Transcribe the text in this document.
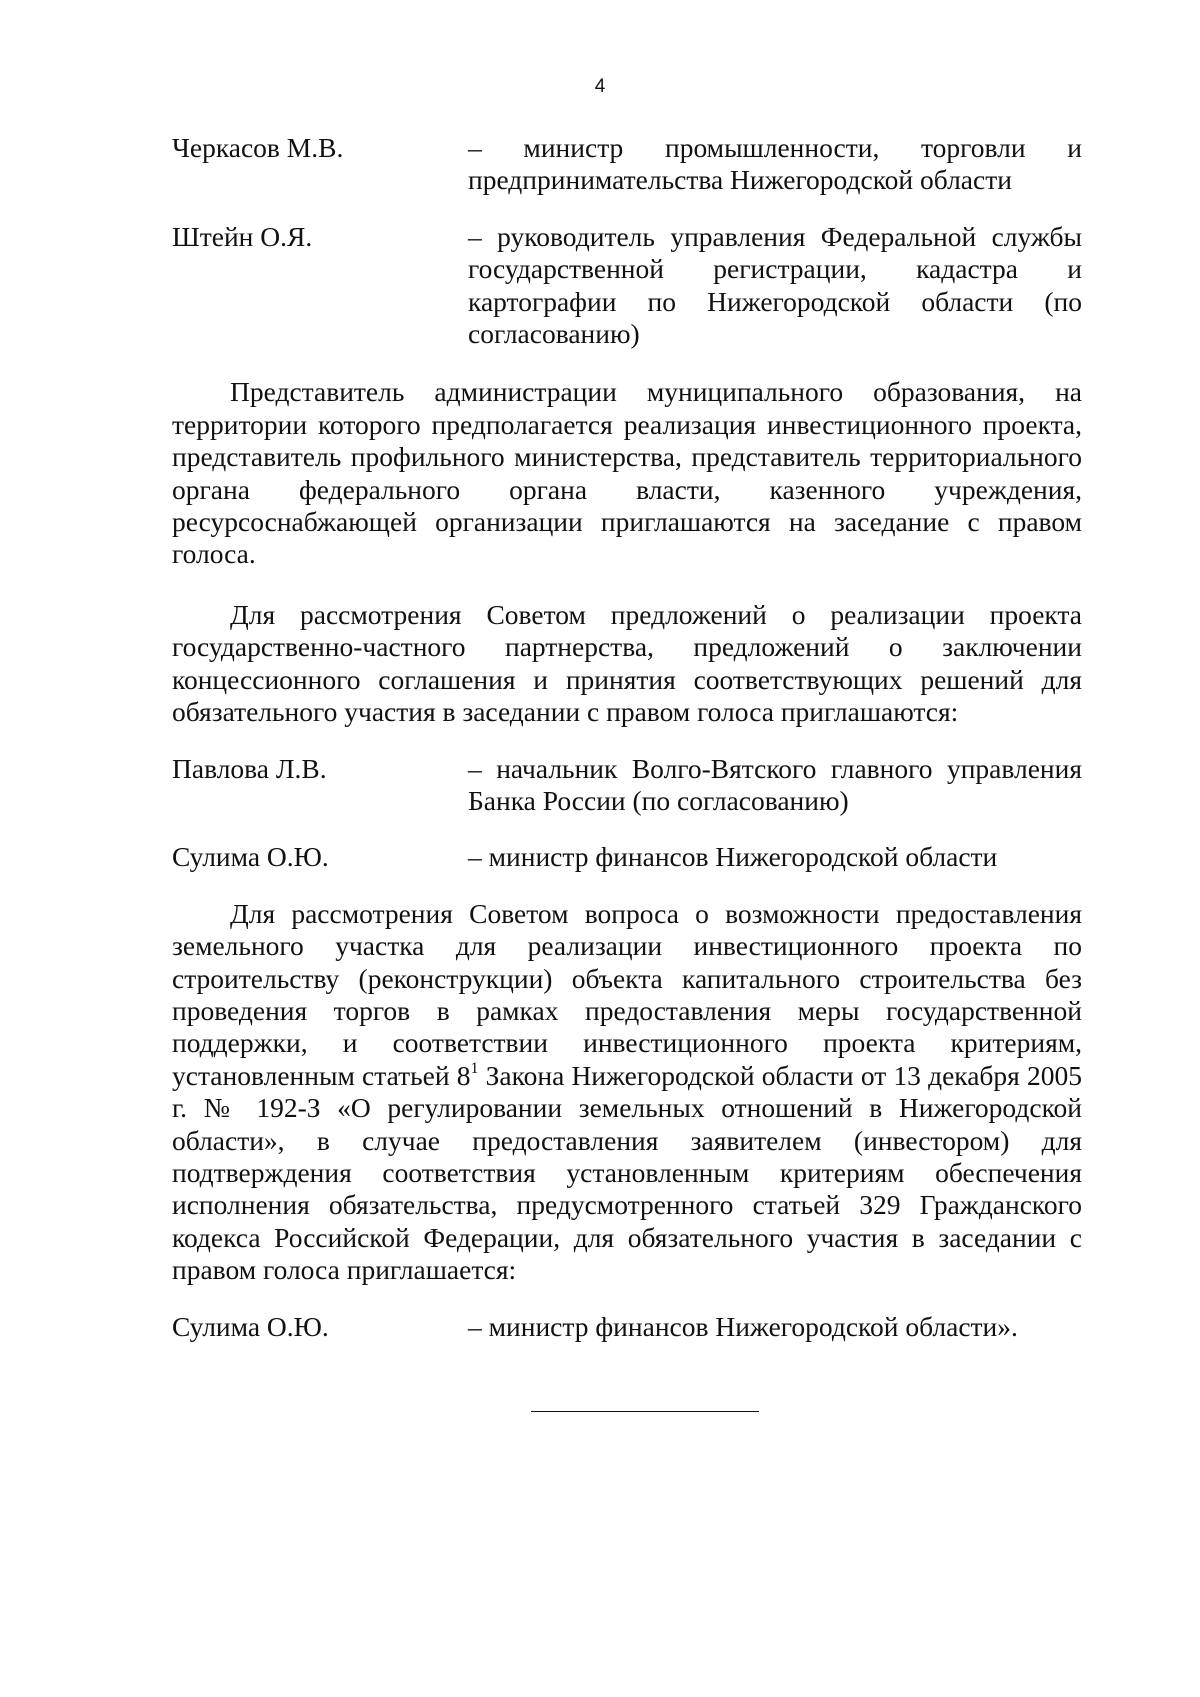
4
Черкасов М.В.	– министр промышленности, торговли и предпринимательства Нижегородской области
Штейн О.Я.	– руководитель управления Федеральной службы государственной регистрации, кадастра и картографии по Нижегородской области (по согласованию)

Представитель администрации муниципального образования, на территории которого предполагается реализация инвестиционного проекта, представитель профильного министерства, представитель территориального органа федерального органа власти, казенного учреждения, ресурсоснабжающей организации приглашаются на заседание с правом голоса.

Для рассмотрения Советом предложений о реализации проекта государственно-частного партнерства, предложений о заключении концессионного соглашения и принятия соответствующих решений для обязательного участия в заседании с правом голоса приглашаются:

Павлова Л.В.	– начальник Волго-Вятского главного управления Банка России (по согласованию)
Сулима О.Ю.	– министр финансов Нижегородской области

Для рассмотрения Советом вопроса о возможности предоставления земельного участка для реализации инвестиционного проекта по строительству (реконструкции) объекта капитального строительства без проведения торгов в рамках предоставления меры государственной поддержки, и соответствии инвестиционного проекта критериям, установленным статьей $8^1$ Закона Нижегородской области от 13 декабря 2005 г. № 192-З «О регулировании земельных отношений в Нижегородской области», в случае предоставления заявителем (инвестором) для подтверждения соответствия установленным критериям обеспечения исполнения обязательства, предусмотренного статьей 329 Гражданского кодекса Российской Федерации, для обязательного участия в заседании с правом голоса приглашается:

Сулима О.Ю.	– министр финансов Нижегородской области».
